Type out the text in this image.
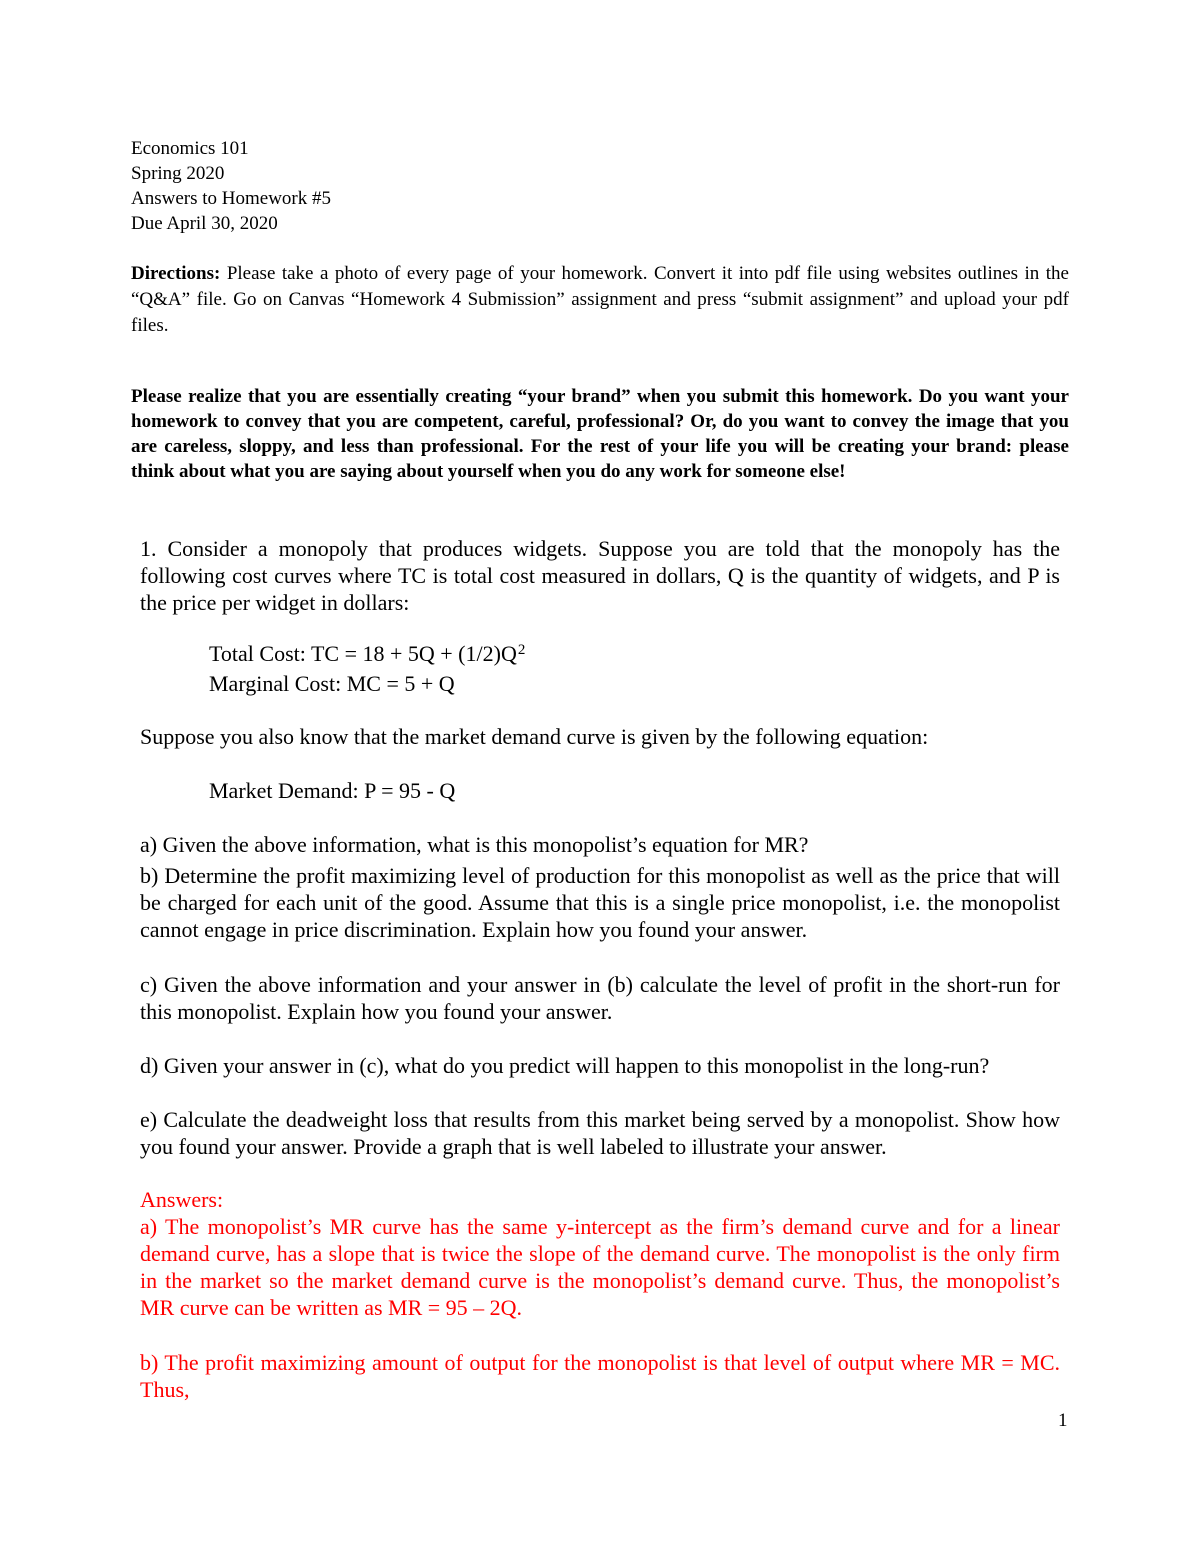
Economics 101
Spring 2020
Answers to Homework #5
Due April 30, 2020
Directions: Please take a photo of every page of your homework. Convert it into pdf file using websites outlines in the “Q&A” file. Go on Canvas “Homework 4 Submission” assignment and press “submit assignment” and upload your pdf files.
Please realize that you are essentially creating “your brand” when you submit this homework. Do you want your homework to convey that you are competent, careful, professional? Or, do you want to convey the image that you are careless, sloppy, and less than professional. For the rest of your life you will be creating your brand: please think about what you are saying about yourself when you do any work for someone else!
1. Consider a monopoly that produces widgets. Suppose you are told that the monopoly has the following cost curves where TC is total cost measured in dollars, Q is the quantity of widgets, and P is the price per widget in dollars:
Total Cost: TC = $18 + 5Q + (1/2)Q^2$
Marginal Cost: MC = 5 + Q
Suppose you also know that the market demand curve is given by the following equation:
Market Demand: P = 95 - Q
a) Given the above information, what is this monopolist’s equation for MR?
b) Determine the profit maximizing level of production for this monopolist as well as the price that will be charged for each unit of the good. Assume that this is a single price monopolist, i.e. the monopolist cannot engage in price discrimination. Explain how you found your answer.
c) Given the above information and your answer in (b) calculate the level of profit in the short-run for this monopolist. Explain how you found your answer.
d) Given your answer in (c), what do you predict will happen to this monopolist in the long-run?
e) Calculate the deadweight loss that results from this market being served by a monopolist. Show how you found your answer. Provide a graph that is well labeled to illustrate your answer.
Answers:
a) The monopolist’s MR curve has the same y-intercept as the firm’s demand curve and for a linear demand curve, has a slope that is twice the slope of the demand curve. The monopolist is the only firm in the market so the market demand curve is the monopolist’s demand curve. Thus, the monopolist’s MR curve can be written as MR = 95 – 2Q.
b) The profit maximizing amount of output for the monopolist is that level of output where MR = MC. Thus,
1
